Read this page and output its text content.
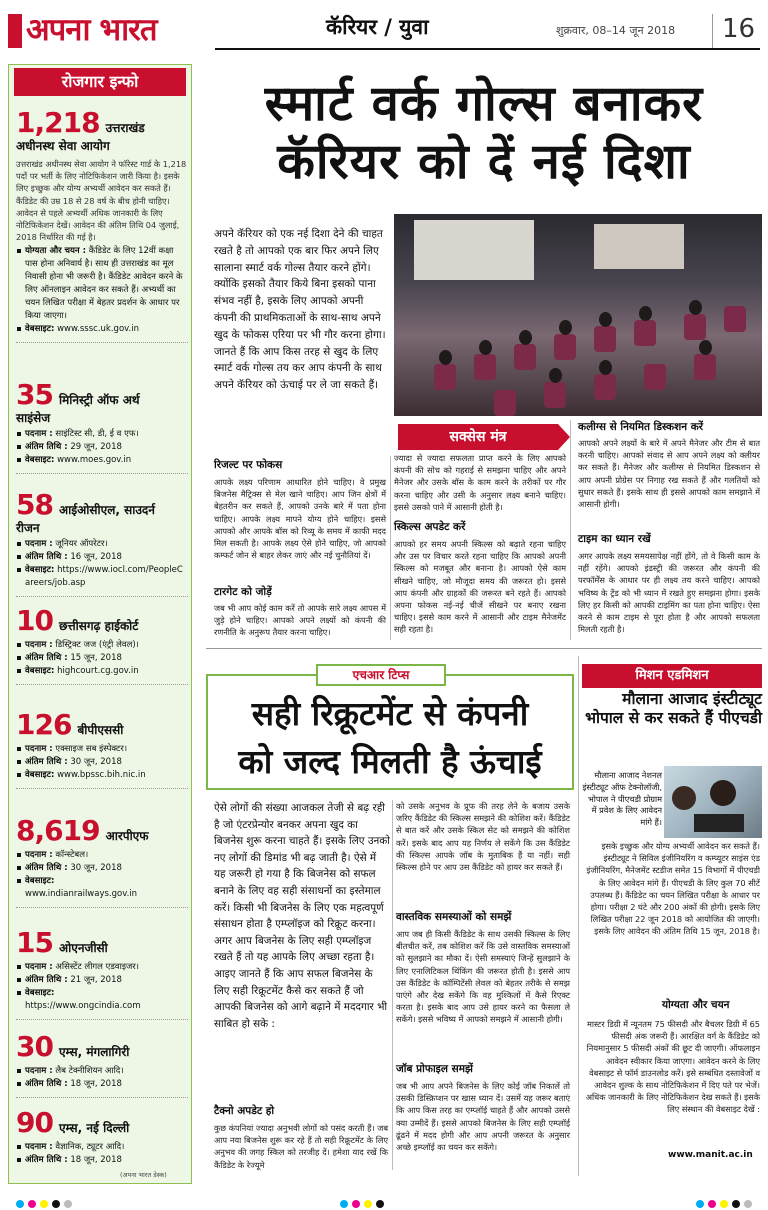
अपना भारत	कॅरियर / युवा	शुक्रवार, 08–14 जून 2018 16
रोजगार इन्फो
1,218 उत्तराखंड
अधीनस्थ सेवा आयोग
उत्तराखंड अधीनस्थ सेवा आयोग ने फॉरेस्ट गार्ड के 1,218 पदों पर भर्ती के लिए नोटिफिकेशन जारी किया है। इसके लिए इच्छुक और योग्य अभ्यर्थी आवेदन कर सकते हैं। कैंडिडेट की उम्र 18 से 28 वर्ष के बीच होनी चाहिए। आवेदन से पहले अभ्यर्थी अधिक जानकारी के लिए नोटिफिकेशन देखें। आवेदन की अंतिम तिथि 04 जुलाई, 2018 निर्धारित की गई है।
योग्यता और चयन : कैंडिडेट के लिए 12वीं कक्षा पास होना अनिवार्य है। साथ ही उत्तराखंड का मूल निवासी होना भी जरूरी है। कैंडिडेट आवेदन करने के लिए ऑनलाइन आवेदन कर सकते हैं। अभ्यर्थी का चयन लिखित परीक्षा में बेहतर प्रदर्शन के आधार पर किया जाएगा।
वेबसाइट: www.sssc.uk.gov.in
35 मिनिस्ट्री ऑफ अर्थ
साइंसेज
पदनाम : साइंटिस्ट सी, डी, ई व एफ।
अंतिम तिथि : 29 जून, 2018
वेबसाइट: www.moes.gov.in
58 आईओसीएल, साउदर्न
रीजन
पदनाम : जूनियर ऑपरेटर।
अंतिम तिथि : 16 जून, 2018
वेबसाइट: https://www.iocl.com/PeopleCareers/job.asp
10 छत्तीसगढ़ हाईकोर्ट
पदनाम : डिस्ट्रिक्ट जज (एंट्री लेवल)।
अंतिम तिथि : 15 जून, 2018
वेबसाइट: highcourt.cg.gov.in
126 बीपीएससी
पदनाम : एक्साइज सब इंस्पेक्टर।
अंतिम तिथि : 30 जून, 2018
वेबसाइट: www.bpssc.bih.nic.in
8,619 आरपीएफ
पदनाम : कॉन्स्टेबल।
अंतिम तिथि : 30 जून, 2018
वेबसाइट:
www.indianrailways.gov.in
15 ओएनजीसी
पदनाम : असिस्टेंट लीगल एडवाइजर।
अंतिम तिथि : 21 जून, 2018
वेबसाइट:
https://www.ongcindia.com
30 एम्स, मंगलागिरी
पदनाम : लैब टेक्नीशियन आदि।
अंतिम तिथि : 18 जून, 2018
90 एम्स, नई दिल्ली
पदनाम : वैज्ञानिक, ट्यूटर आदि।
अंतिम तिथि : 18 जून, 2018
(अपना भारत डेस्क)
स्मार्ट वर्क गोल्स बनाकर
कॅरियर को दें नई दिशा
अपने कॅरियर को एक नई दिशा देने की चाहत रखते है तो आपको एक बार फिर अपने लिए सालाना स्मार्ट वर्क गोल्स तैयार करने होंगे। क्योंकि इसको तैयार किये बिना इसको पाना संभव नहीं है, इसके लिए आपको अपनी कंपनी की प्राथमिकताओं के साथ-साथ अपने खुद के फोकस एरिया पर भी गौर करना होगा। जानते हैं कि आप किस तरह से खुद के लिए स्मार्ट वर्क गोल्स तय कर आप कंपनी के साथ अपने कॅरियर को ऊंचाई पर ले जा सकते हैं।
सक्सेस मंत्र
रिजल्ट पर फोकस
आपके लक्ष्य परिणाम आधारित होने चाहिए। वे प्रमुख बिजनेस मैट्रिक्स से मेल खाने चाहिए। आप जिन क्षेत्रों में बेहतरीन कर सकते हैं, आपको उनके बारे में पता होना चाहिए। आपके लक्ष्य मापने योग्य होने चाहिए। इससे आपको और आपके बॉस को रिव्यू के समय में काफी मदद मिल सकती है। आपके लक्ष्य ऐसे होने चाहिए, जो आपको कम्फर्ट जोन से बाहर लेकर जाएं और नई चुनौतियां दें।
टारगेट को जोड़ें
जब भी आप कोई काम करें तो आपके सारे लक्ष्य आपस में जुड़े होने चाहिए। आपको अपने लक्ष्यों को कंपनी की रणनीति के अनुरूप तैयार करना चाहिए।
ज्यादा से ज्यादा सफलता प्राप्त करने के लिए आपको कंपनी की सोच को गहराई से समझना चाहिए और अपने मैनेजर और उसके बॉस के काम करने के तरीकों पर गौर करना चाहिए और उसी के अनुसार लक्ष्य बनाने चाहिए। इससे उसको पाने में आसानी होती है।
स्किल्स अपडेट करें
आपको हर समय अपनी स्किल्स को बढ़ाते रहना चाहिए और उस पर विचार करते रहना चाहिए कि आपको अपनी स्किल्स को मजबूत और बनाना है। आपको ऐसे काम सीखने चाहिए, जो मौजूदा समय की जरूरत हो। इससे आप कंपनी और ग्राहकों की जरूरत बने रहते हैं। आपको अपना फोकस नई-नई चीजें सीखने पर बनाए रखना चाहिए। इससे काम करने में आसानी और टाइम मैनेजमेंट सही रहता है।
कलीग्स से नियमित डिस्कशन करें
आपको अपने लक्ष्यों के बारे में अपने मैनेजर और टीम से बात करनी चाहिए। आपको संवाद से आप अपने लक्ष्य को क्लीयर कर सकते हैं। मैनेजर और कलीग्स से नियमित डिस्कशन से आप अपनी प्रोग्रेस पर निगाह रख सकते हैं और गलतियों को सुधार सकते हैं। इसके साथ ही इससे आपको काम समझाने में आसानी होगी।
टाइम का ध्यान रखें
अगर आपके लक्ष्य समयसापेक्ष नहीं होंगे, तो वे किसी काम के नहीं रहेंगे। आपको इंडस्ट्री की जरूरत और कंपनी की परफॉर्मेंस के आधार पर ही लक्ष्य तय करने चाहिए। आपको भविष्य के ट्रेंड को भी ध्यान में रखते हुए समझना होगा। इसके लिए हर किसी को आपकी टाइमिंग का पता होना चाहिए। ऐसा करने से काम टाइम से पूरा होता है और आपको सफलता मिलती रहती है।
एचआर टिप्स
सही रिक्रूटमेंट से कंपनी
को जल्द मिलती है ऊंचाई
ऐसे लोगों की संख्या आजकल तेजी से बढ़ रही है जो एंटरप्रेन्योर बनकर अपना खुद का बिजनेस शुरू करना चाहते हैं। इसके लिए उनको नए लोगों की डिमांड भी बढ़ जाती है। ऐसे में यह जरूरी हो गया है कि बिजनेस को सफल बनाने के लिए वह सही संसाधनों का इस्तेमाल करें। किसी भी बिजनेस के लिए एक महत्वपूर्ण संसाधन होता है एम्प्लॉइज को रिक्रूट करना। अगर आप बिजनेस के लिए सही एम्प्लॉइज रखते हैं तो यह आपके लिए अच्छा रहता है। आइए जानते हैं कि आप सफल बिजनेस के लिए सही रिक्रूटमेंट कैसे कर सकते हैं जो आपकी बिजनेस को आगे बढ़ाने में मददगार भी साबित हो सके :
टैक्नो अपडेट हो
कुछ कंपनियां ज्यादा अनुभवी लोगों को पसंद करती हैं। जब आप नया बिजनेस शुरू कर रहे हैं तो सही रिक्रूटमेंट के लिए अनुभव की जगह स्किल को तरजीह दें। हमेशा याद रखें कि कैंडिडेट के रेज्यूमे
को उसके अनुभव के प्रूफ की तरह लेने के बजाय उसके जरिए कैंडिडेट की स्किल्स समझने की कोशिश करें। कैंडिडेट से बात करें और उसके स्किल सेट को समझने की कोशिश करें। इसके बाद आप यह निर्णय ले सकेंगे कि उस कैंडिडेट की स्किल्स आपके जॉब के मुताबिक हैं या नहीं। सही स्किल्स होने पर आप उस कैंडिडेट को हायर कर सकते हैं।
वास्तविक समस्याओं को समझें
आप जब ही किसी कैंडिडेट के साथ उसकी स्किल्स के लिए बीतचीत करें, तब कोशिश करें कि उसे वास्तविक समस्याओं को सुलझाने का मौका दें। ऐसी समस्याएं जिन्हें सुलझाने के लिए एनालिटिकल थिंकिंग की जरूरत होती है। इससे आप उस कैंडिडेट के कॉम्पिटेंसी लेवल को बेहतर तरीके से समझ पाएंगे और देख सकेंगे कि वह मुश्किलों में कैसे रिएक्ट करता है। इसके बाद आप उसे हायर करने का फैसला ले सकेंगे। इससे भविष्य में आपको समझने में आसानी होगी।
जॉब प्रोफाइल समझें
जब भी आप अपने बिजनेस के लिए कोई जॉब निकालें तो उसकी डिस्क्रिप्शन पर खास ध्यान दें। उसमें यह जरूर बताएं कि आप किस तरह का एम्प्लॉई चाहते हैं और आपको उससे क्या उम्मीदें हैं। इससे आपको बिजनेस के लिए सही एम्प्लॉई ढूंढने में मदद होगी और आप अपनी जरूरत के अनुसार अच्छे इम्प्लॉई का चयन कर सकेंगे।
मिशन एडमिशन
मौलाना आजाद इंस्टीट्यूट भोपाल से कर सकते हैं पीएचडी
मौलाना आजाद नेशनल इंस्टीट्यूट ऑफ टेक्नोलॉजी, भोपाल ने पीएचडी प्रोग्राम में प्रवेश के लिए आवेदन मांगे हैं।
इसके इच्छुक और योग्य अभ्यर्थी आवेदन कर सकते हैं। इंस्टीट्यूट ने सिविल इंजीनियरिंग व कम्प्यूटर साइंस एंड इंजीनियरिंग, मैनेजमेंट स्टडीज समेत 15 विभागों में पीएचडी के लिए आवेदन मांगे हैं। पीएचडी के लिए कुल 70 सीटें उपलब्ध हैं। कैंडिडेट का चयन लिखित परीक्षा के आधार पर होगा। परीक्षा 2 घंटे और 200 अंकों की होगी। इसके लिए लिखित परीक्षा 22 जून 2018 को आयोजित की जाएगी। इसके लिए आवेदन की अंतिम तिथि 15 जून, 2018 है।
योग्यता और चयन
मास्टर डिग्री में न्यूनतम 75 फीसदी और बैचलर डिग्री में 65 फीसदी अंक जरूरी हैं। आरक्षित वर्ग के कैंडिडेट को नियमानुसार 5 फीसदी अंकों की छूट दी जाएगी। ऑफलाइन आवेदन स्वीकार किया जाएगा। आवेदन करने के लिए वेबसाइट से फॉर्म डाउनलोड करें। इसे सम्बंधित दस्तावेजों व आवेदन शुल्क के साथ नोटिफिकेशन में दिए पते पर भेजें। अधिक जानकारी के लिए नोटिफिकेशन देख सकते हैं। इसके लिए संस्थान की वेबसाइट देखें :
www.manit.ac.in
